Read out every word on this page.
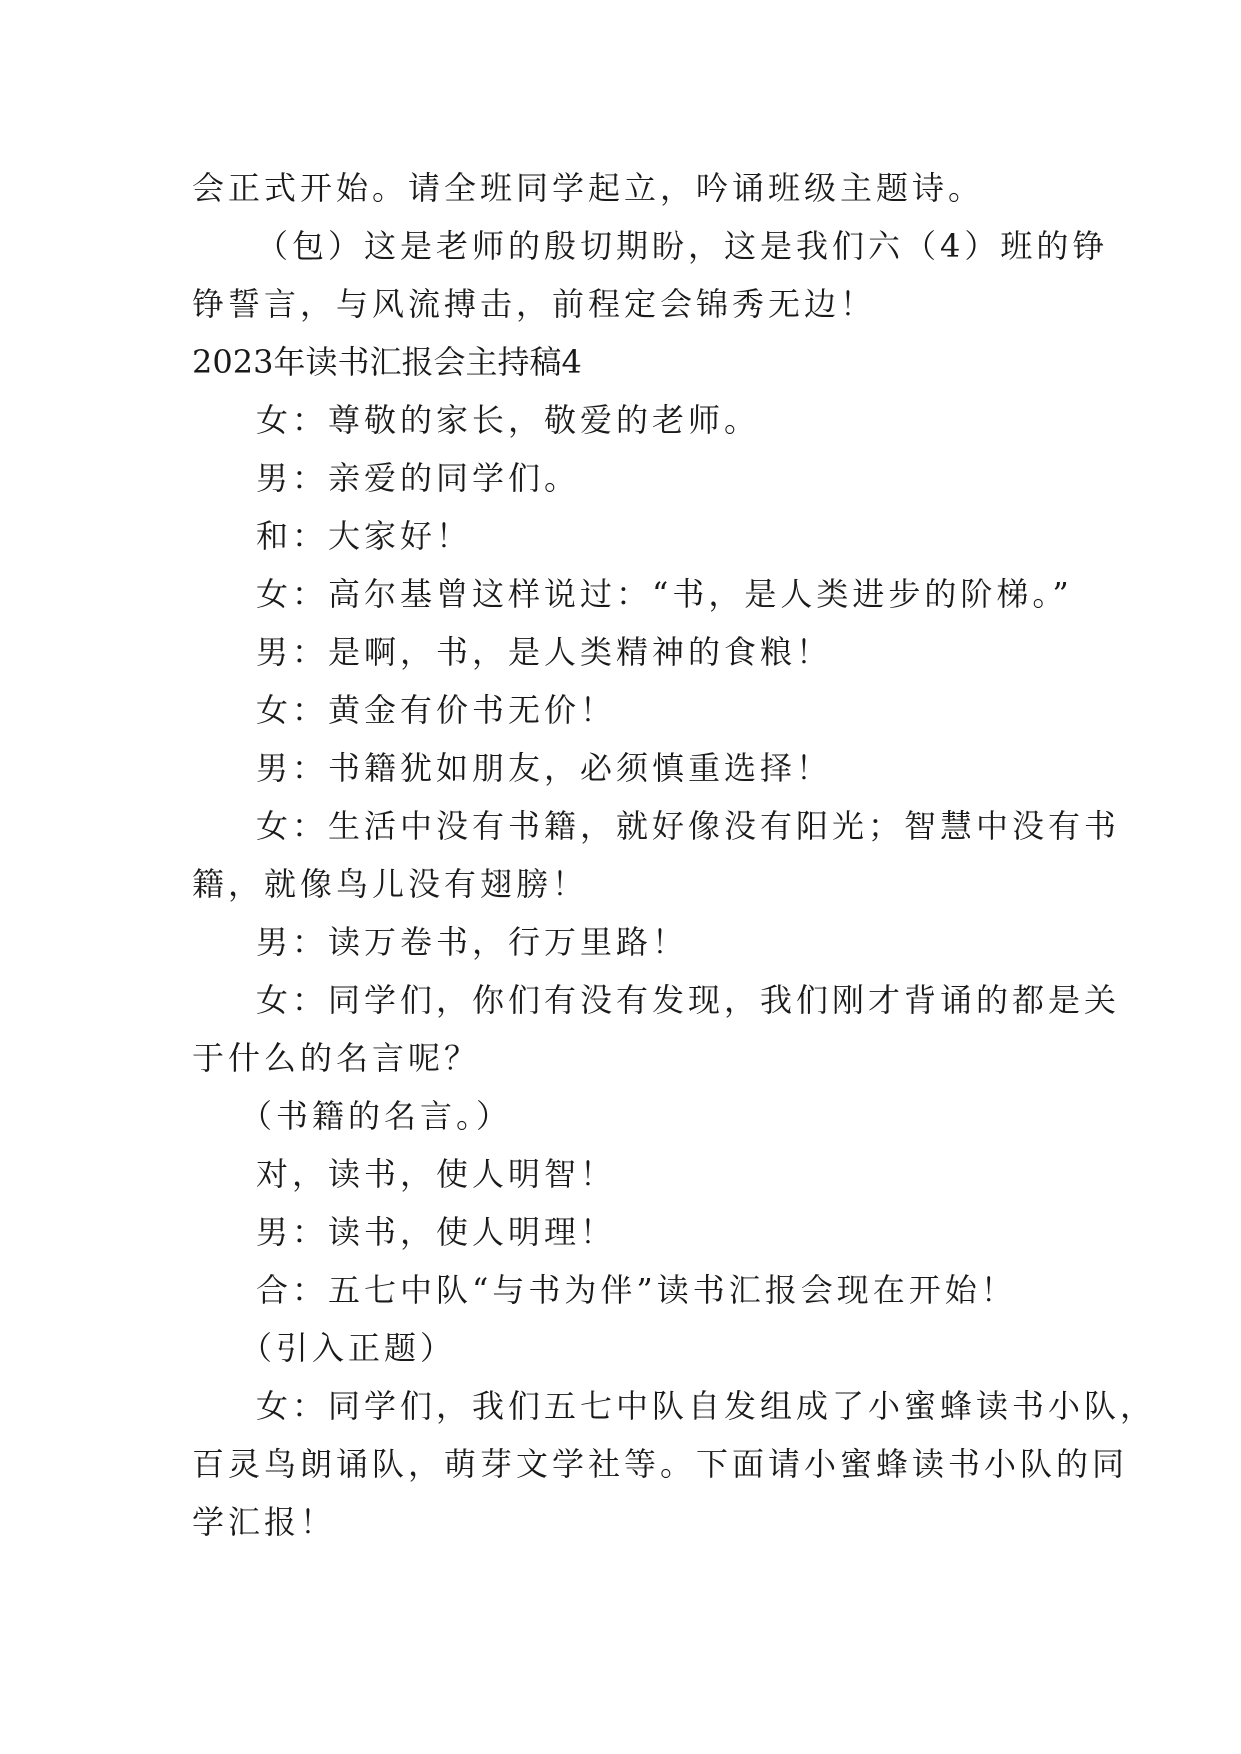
会正式开始。请全班同学起立，吟诵班级主题诗。
（包）这是老师的殷切期盼，这是我们六（4）班的铮
铮誓言，与风流搏击，前程定会锦秀无边！
2023年读书汇报会主持稿4
女：尊敬的家长，敬爱的老师。
男：亲爱的同学们。
和：大家好！
女：高尔基曾这样说过：“书，是人类进步的阶梯。”
男：是啊，书，是人类精神的食粮！
女：黄金有价书无价！
男：书籍犹如朋友，必须慎重选择！
女：生活中没有书籍，就好像没有阳光；智慧中没有书
籍，就像鸟儿没有翅膀！
男：读万卷书，行万里路！
女：同学们，你们有没有发现，我们刚才背诵的都是关
于什么的名言呢？
（书籍的名言。）
对，读书，使人明智！
男：读书，使人明理！
合：五七中队“与书为伴”读书汇报会现在开始！
（引入正题）
女：同学们，我们五七中队自发组成了小蜜蜂读书小队，
百灵鸟朗诵队，萌芽文学社等。下面请小蜜蜂读书小队的同
学汇报！
